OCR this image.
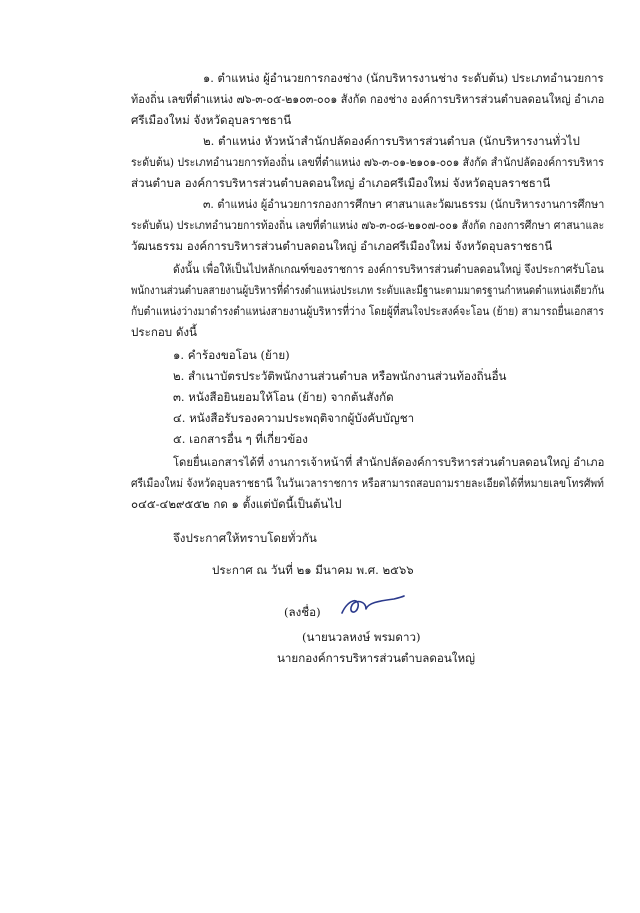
๑. ตำแหน่ง ผู้อำนวยการกองช่าง (นักบริหารงานช่าง ระดับต้น) ประเภทอำนวยการ
ท้องถิ่น เลขที่ตำแหน่ง ๗๖-๓-๐๕-๒๑๐๓-๐๐๑ สังกัด กองช่าง องค์การบริหารส่วนตำบลดอนใหญ่ อำเภอ
ศรีเมืองใหม่ จังหวัดอุบลราชธานี
๒. ตำแหน่ง หัวหน้าสำนักปลัดองค์การบริหารส่วนตำบล (นักบริหารงานทั่วไป
ระดับต้น) ประเภทอำนวยการท้องถิ่น เลขที่ตำแหน่ง ๗๖-๓-๐๑-๒๑๐๑-๐๐๑ สังกัด สำนักปลัดองค์การบริหาร
ส่วนตำบล องค์การบริหารส่วนตำบลดอนใหญ่ อำเภอศรีเมืองใหม่ จังหวัดอุบลราชธานี
๓. ตำแหน่ง ผู้อำนวยการกองการศึกษา ศาสนาและวัฒนธรรม (นักบริหารงานการศึกษา
ระดับต้น) ประเภทอำนวยการท้องถิ่น เลขที่ตำแหน่ง ๗๖-๓-๐๘-๒๑๐๗-๐๐๑ สังกัด กองการศึกษา ศาสนาและ
วัฒนธรรม องค์การบริหารส่วนตำบลดอนใหญ่ อำเภอศรีเมืองใหม่ จังหวัดอุบลราชธานี
ดังนั้น เพื่อให้เป็นไปหลักเกณฑ์ของราชการ องค์การบริหารส่วนตำบลดอนใหญ่ จึงประกาศรับโอน
พนักงานส่วนตำบลสายงานผู้บริหารที่ดำรงตำแหน่งประเภท ระดับและมีฐานะตามมาตรฐานกำหนดตำแหน่งเดียวกัน
กับตำแหน่งว่างมาดำรงตำแหน่งสายงานผู้บริหารที่ว่าง โดยผู้ที่สนใจประสงค์จะโอน (ย้าย) สามารถยื่นเอกสาร
ประกอบ ดังนี้
๑. คำร้องขอโอน (ย้าย)
๒. สำเนาบัตรประวัติพนักงานส่วนตำบล หรือพนักงานส่วนท้องถิ่นอื่น
๓. หนังสือยินยอมให้โอน (ย้าย) จากต้นสังกัด
๔. หนังสือรับรองความประพฤติจากผู้บังคับบัญชา
๕. เอกสารอื่น ๆ ที่เกี่ยวข้อง
โดยยื่นเอกสารได้ที่ งานการเจ้าหน้าที่ สำนักปลัดองค์การบริหารส่วนตำบลดอนใหญ่ อำเภอ
ศรีเมืองใหม่ จังหวัดอุบลราชธานี ในวันเวลาราชการ หรือสามารถสอบถามรายละเอียดได้ที่หมายเลขโทรศัพท์
๐๔๕-๔๒๙๕๕๒ กด ๑ ตั้งแต่บัดนี้เป็นต้นไป
จึงประกาศให้ทราบโดยทั่วกัน
ประกาศ ณ วันที่ ๒๑ มีนาคม พ.ศ. ๒๕๖๖
(ลงชื่อ)
(นายนวลหงษ์ พรมดาว)
นายกองค์การบริหารส่วนตำบลดอนใหญ่
